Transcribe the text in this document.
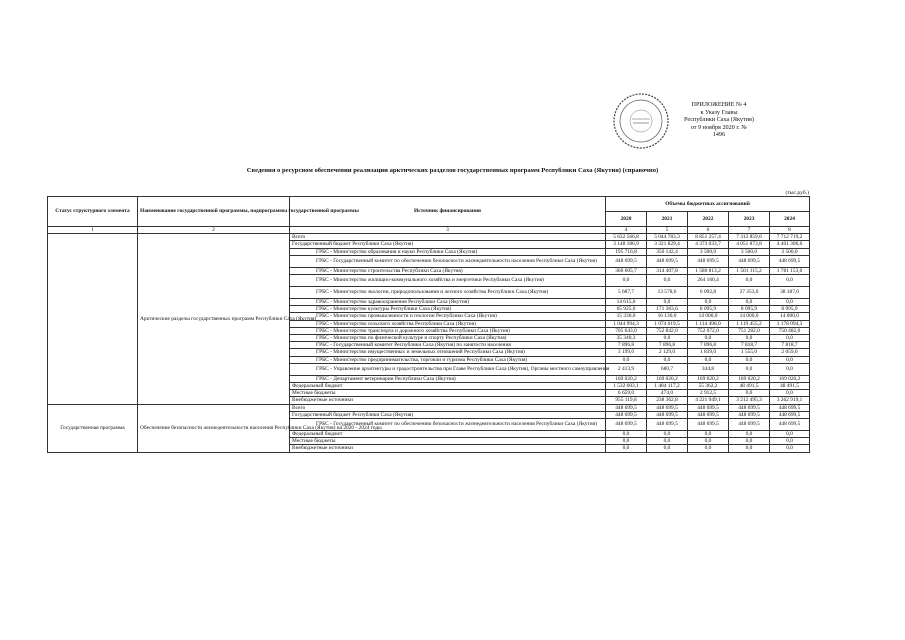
ПРИЛОЖЕНИЕ № 4
к Указу Главы
Республики Саха (Якутия)
от 9 ноября 2020 г. № 1496
Сведения о ресурсном обеспечении реализации арктических разделов государственных программ Республики Саха (Якутия) (справочно)
(тыс.руб.)
Статус структурного элемента	Наименование государственной программы, подпрограммы государственной программы	Источник финансирования	Объемы бюджетных ассигнований				
			2020	2021	2022	2023	2024
1	2	3	4	5	6	7	8
	Арктические разделы государственных программ Республики Саха (Якутия)	Всего	5 632 566,8	5 044 783,3	8 851 257,4	7 312 859,6	7 712 719,2
		Государственный бюджет Республики Саха (Якутия)	3 148 186,9	3 321 829,4	4 373 033,7	4 051 873,8	4 401 306,6
		ГРБС - Министерство образования и науки Республики Саха (Якутия)	195 716,8	350 142,4	3 500,0	3 500,0	3 500,0
		ГРБС - Государственный комитет по обеспечению безопасности жизнедеятельности населения Республики Саха (Якутия)	448 699,5	448 699,5	448 699,5	448 699,5	448 699,5
		ГРБС - Министерство строительства Республики Саха (Якутия)	360 605,7	314 407,8	1 580 813,2	1 501 115,2	1 781 153,0
		ГРБС - Министерство жилищно-коммунального хозяйства и энергетики Республики Саха (Якутия)	0,0	0,0	264 160,4	0,0	0,0
		ГРБС - Министерство экологии, природопользования и лесного хозяйства Республики Саха (Якутия)	5 687,7	13 578,6	6 092,8	27 353,0	38 187,0
		ГРБС - Министерство здравоохранения Республики Саха (Якутия)	14 615,0	0,0	0,0	0,0	0,0
		ГРБС - Министерство культуры Республики Саха (Якутия)	65 925,0	171 383,6	8 095,9	8 095,9	8 095,9
		ГРБС - Министерство промышленности и геологии Республики Саха (Якутия)	15 330,0	16 130,0	14 000,0	14 000,0	14 000,0
		ГРБС - Министерство сельского хозяйства Республики Саха (Якутия)	1 044 994,3	1 074 619,5	1 114 498,0	1 119 455,2	1 178 094,3
		ГРБС - Министерство транспорта и дорожного хозяйства Республики Саха (Якутия)	705 643,0	752 842,0	752 072,0	751 282,0	750 482,0
		ГРБС - Министерство по физической культуре и спорту Республики Саха (Якутия)	35 340,3	0,0	0,0	0,0	0,0
		ГРБС - Государственный комитет Республики Саха (Якутия) по занятости населения	7 896,8	7 896,8	7 896,8	7 818,7	7 818,7
		ГРБС - Министерство имущественных и земельных отношений Республики Саха (Якутия)	3 199,0	2 129,0	1 839,0	1 555,0	2 059,0
		ГРБС - Министерство предпринимательства, торговли и туризма Республики Саха (Якутия)	0,0	0,0	0,0	0,0	0,0
		ГРБС - Управление архитектуры и градостроительства при Главе Республики Саха (Якутия), Органы местного самоуправления	2 413,9	680,7	344,8	0,0	0,0
		ГРБС - Департамент ветеринарии Республики Саха (Якутия)	169 020,2	169 020,2	169 020,2	169 020,2	169 020,2
		Федеральный бюджет	1 532 603,1	1 484 117,2	55 362,2	48 491,5	48 491,5
		Местные бюджеты	6 659,0	474,0	2 912,5	0,0	0,0
		Внебюджетные источники	955 119,8	238 362,8	4 221 949,1	3 212 495,3	3 262 919,1
Государственная программа	Обеспечение безопасности жизнедеятельности населения Республики Саха (Якутия) на 2020 - 2024 годы	Всего	448 699,5	448 699,5	448 699,5	448 699,5	448 699,5
		Государственный бюджет Республики Саха (Якутия)	448 699,5	448 699,5	448 699,5	448 699,5	448 699,5
		ГРБС - Государственный комитет по обеспечению безопасности жизнедеятельности населения Республики Саха (Якутия)	448 699,5	448 699,5	448 699,5	448 699,5	448 699,5
		Федеральный бюджет	0,0	0,0	0,0	0,0	0,0
		Местные бюджеты	0,0	0,0	0,0	0,0	0,0
		Внебюджетные источники	0,0	0,0	0,0	0,0	0,0
